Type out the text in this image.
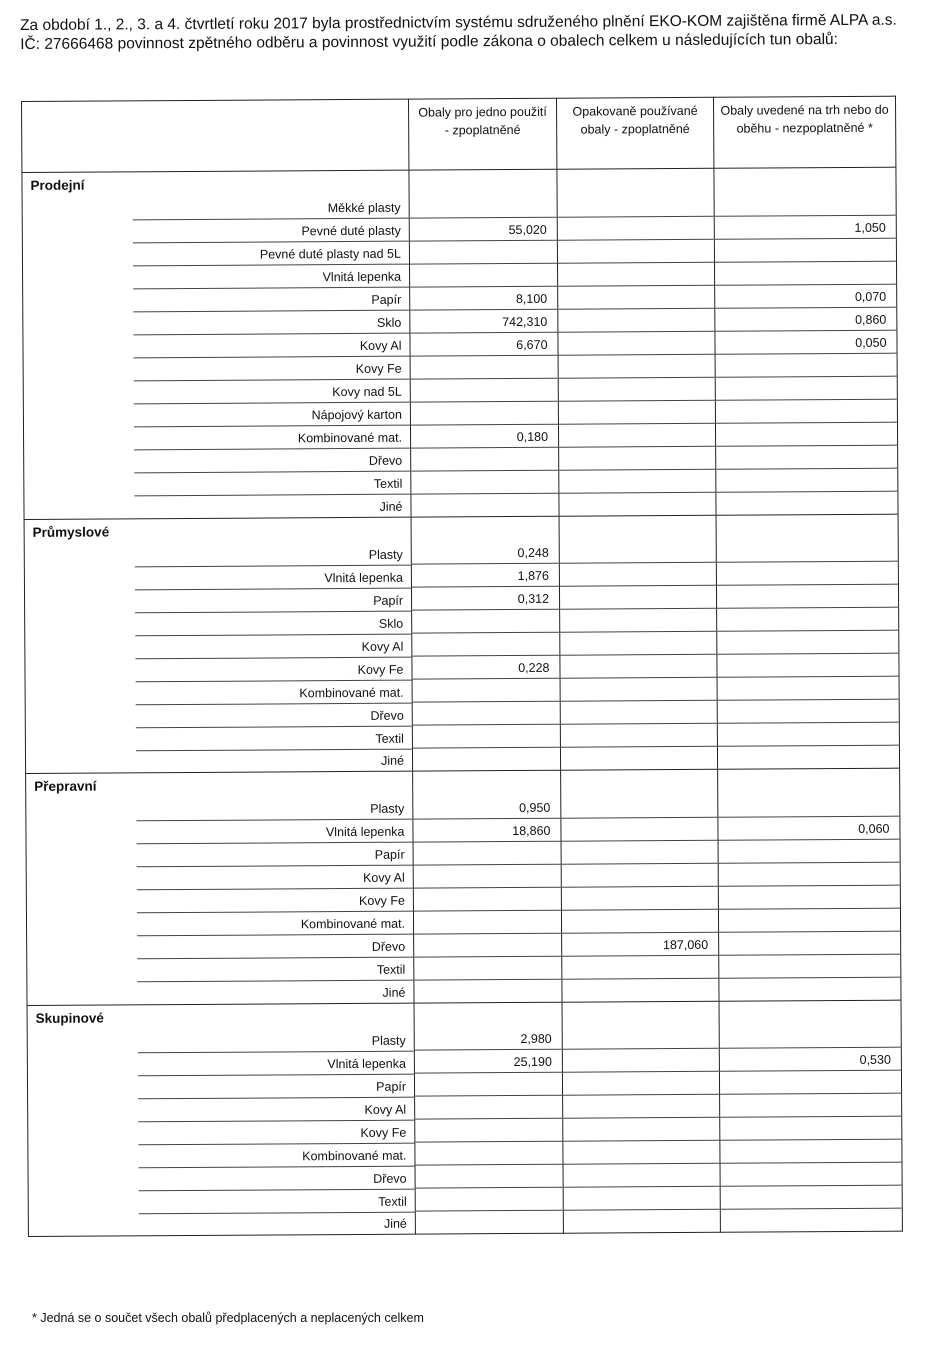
Za období 1., 2., 3. a 4. čtvrtletí roku 2017 byla prostřednictvím systému sdruženého plnění EKO-KOM zajištěna firmě ALPA a.s. IČ: 27666468 povinnost zpětného odběru a povinnost využití podle zákona o obalech celkem u následujících tun obalů:

	Obaly pro jedno použití - zpoplatněné	Opakovaně používané obaly - zpoplatněné	Obaly uvedené na trh nebo do oběhu - nezpoplatněné *

Prodejní
Měkké plasty			

Pevné duté plasty	55,020		1,050

Pevné duté plasty nad 5L			

Vlnitá lepenka			

Papír	8,100		0,070

Sklo	742,310		0,860

Kovy Al	6,670		0,050

Kovy Fe			

Kovy nad 5L			

Nápojový karton			

Kombinované mat.	0,180		

Dřevo			

Textil			

Jiné			

Průmyslové
Plasty	0,248		

Vlnitá lepenka	1,876		

Papír	0,312		

Sklo			

Kovy Al			

Kovy Fe	0,228		

Kombinované mat.			

Dřevo			

Textil			

Jiné			

Přepravní
Plasty	0,950		

Vlnitá lepenka	18,860		0,060

Papír			

Kovy Al			

Kovy Fe			

Kombinované mat.			

Dřevo		187,060	

Textil			

Jiné			

Skupinové
Plasty	2,980		

Vlnitá lepenka	25,190		0,530

Papír			

Kovy Al			

Kovy Fe			

Kombinované mat.			

Dřevo			

Textil			

Jiné			

* Jedná se o součet všech obalů předplacených a neplacených celkem
